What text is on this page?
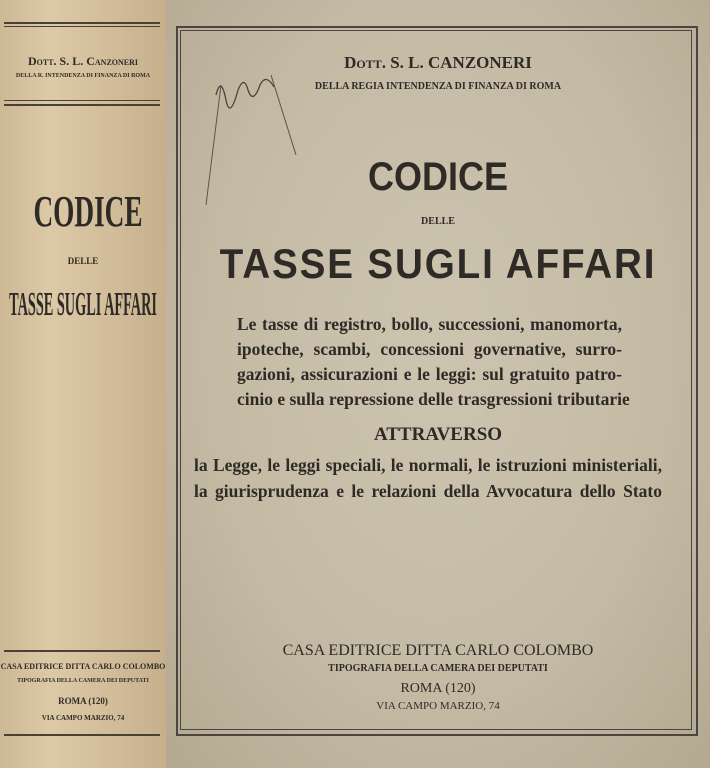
Dott. S. L. Canzoneri
DELLA R. INTENDENZA DI FINANZA DI ROMA
CODICE
DELLE
TASSE SUGLI AFFARI
CASA EDITRICE DITTA CARLO COLOMBO
TIPOGRAFIA DELLA CAMERA DEI DEPUTATI
ROMA (120)
VIA CAMPO MARZIO, 74
Dott. S. L. CANZONERI
DELLA REGIA INTENDENZA DI FINANZA DI ROMA
CODICE
DELLE
TASSE SUGLI AFFARI
Le tasse di registro, bollo, successioni, manomorta,
ipoteche, scambi, concessioni governative, surro-
gazioni, assicurazioni e le leggi: sul gratuito patro-
cinio e sulla repressione delle trasgressioni tributarie
ATTRAVERSO
la Legge, le leggi speciali, le normali, le istruzioni ministeriali,
la giurisprudenza e le relazioni della Avvocatura dello Stato
CASA EDITRICE DITTA CARLO COLOMBO
TIPOGRAFIA DELLA CAMERA DEI DEPUTATI
ROMA (120)
VIA CAMPO MARZIO, 74
